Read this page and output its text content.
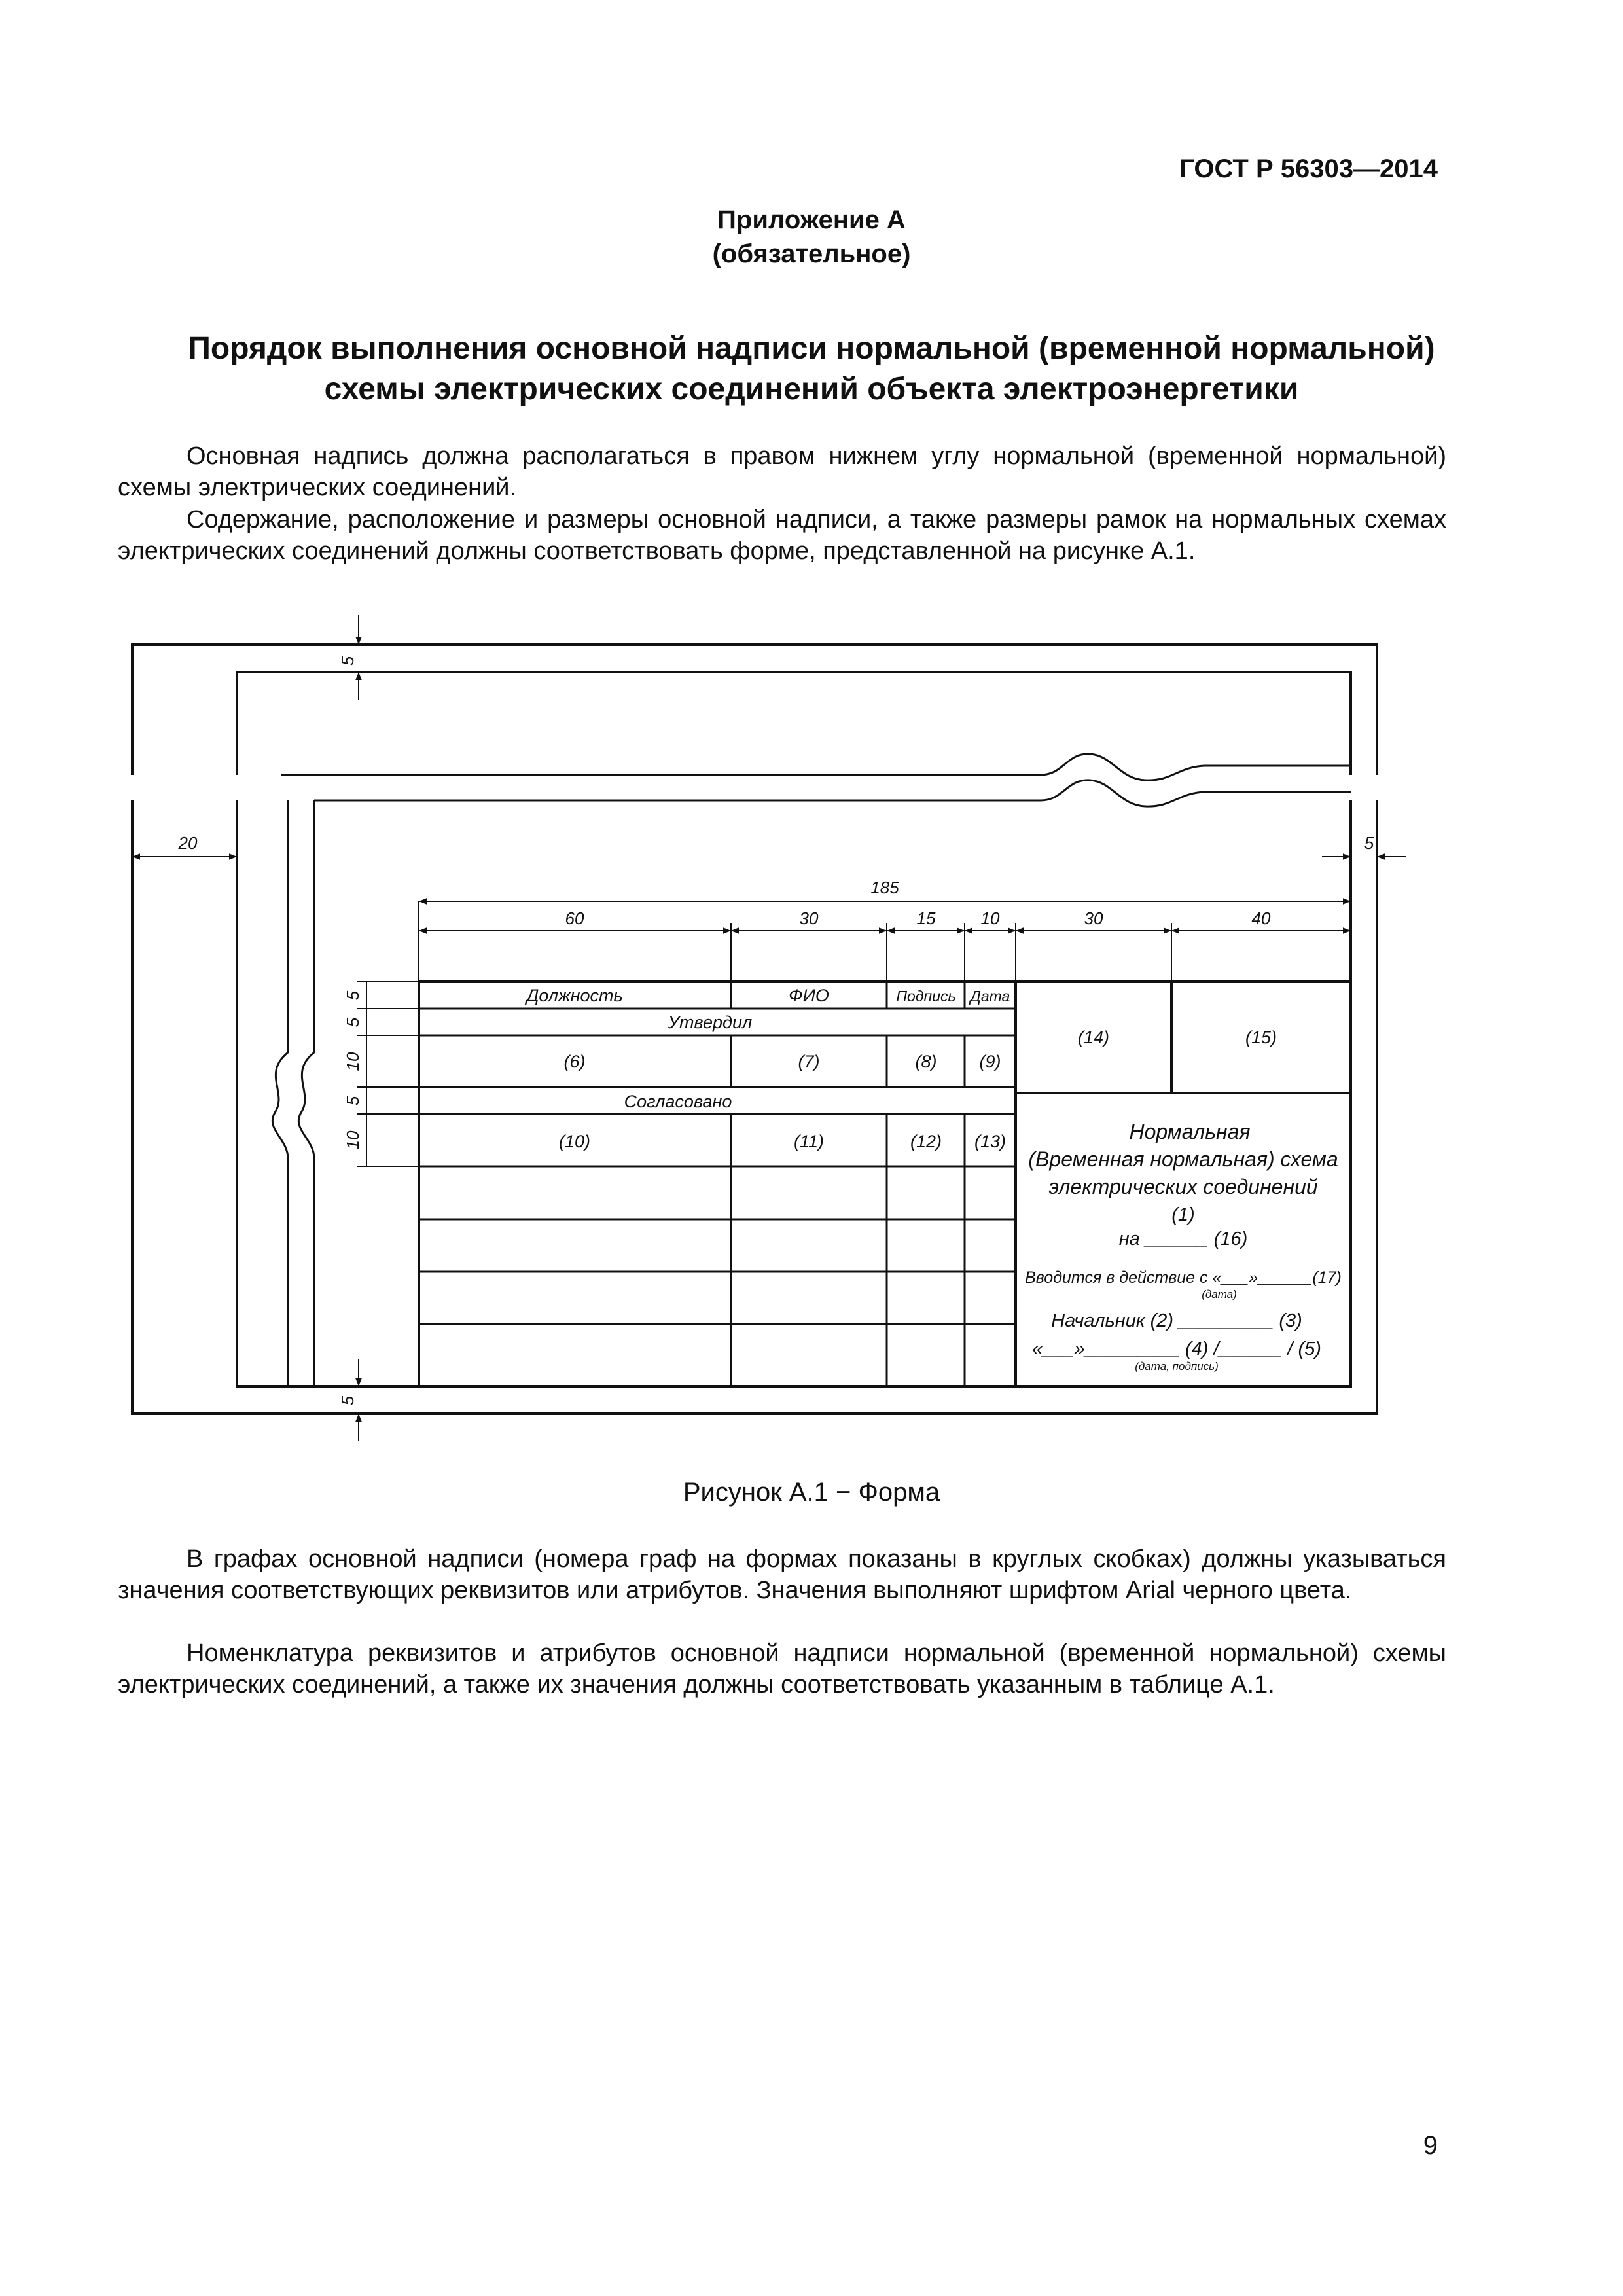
ГОСТ Р 56303—2014
Приложение А
(обязательное)
Порядок выполнения основной надписи нормальной (временной нормальной)
схемы электрических соединений объекта электроэнергетики
Основная надпись должна располагаться в правом нижнем углу нормальной (временной нормальной) схемы электрических соединений.
Содержание, расположение и размеры основной надписи, а также размеры рамок на нормальных схемах электрических соединений должны соответствовать форме, представленной на рисунке А.1.
5
20	5
185
60	30	15	10	30	40
5
5
10
5
10
5
Должность	ФИО	Подпись Дата
Утвердил
(6)	(7)	(8) (9)
Согласовано
(10)	(11)	(12) (13)
(14)	(15)
Нормальная
(Временная нормальная) схема
электрических соединений
(1)
на ______ (16)
Вводится в действие с «___»______(17)
(дата)
Начальник (2) _________ (3)
«___»_________ (4) /______ / (5)
(дата, подпись)
Рисунок А.1 − Форма
В графах основной надписи (номера граф на формах показаны в круглых скобках) должны указываться значения соответствующих реквизитов или атрибутов. Значения выполняют шрифтом Arial черного цвета.
Номенклатура реквизитов и атрибутов основной надписи нормальной (временной нормальной) схемы электрических соединений, а также их значения должны соответствовать указанным в таблице А.1.
9
